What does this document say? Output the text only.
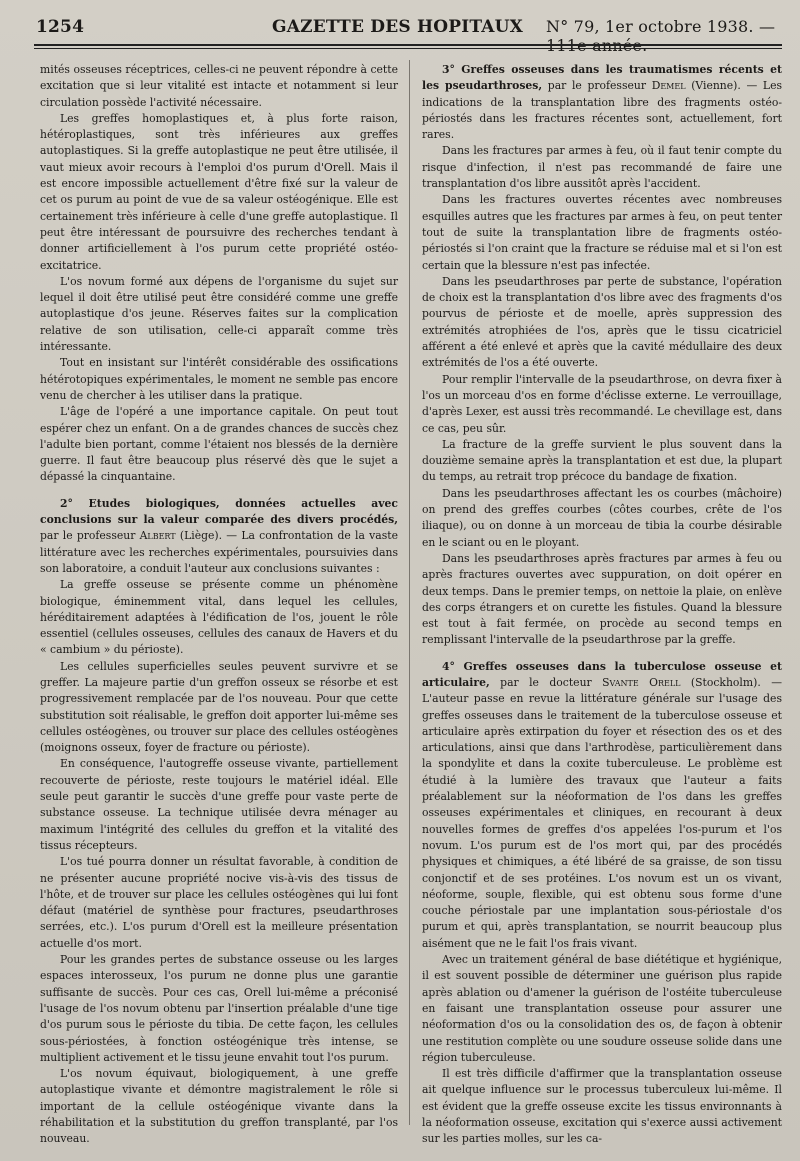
1254	GAZETTE DES HOPITAUX N° 79, 1er octobre 1938. — 111e année.

mités osseuses réceptrices, celles-ci ne peuvent répondre à cette excitation que si leur vitalité est intacte et notamment si leur circulation possède l'activité nécessaire.

Les greffes homoplastiques et, à plus forte raison, hétéroplastiques, sont très inférieures aux greffes autoplastiques. Si la greffe autoplastique ne peut être utilisée, il vaut mieux avoir recours à l'emploi d'os purum d'Orell. Mais il est encore impossible actuellement d'être fixé sur la valeur de cet os purum au point de vue de sa valeur ostéogénique. Elle est certainement très inférieure à celle d'une greffe autoplastique. Il peut être intéressant de poursuivre des recherches tendant à donner artificiellement à l'os purum cette propriété ostéo-excitatrice.

L'os novum formé aux dépens de l'organisme du sujet sur lequel il doit être utilisé peut être considéré comme une greffe autoplastique d'os jeune. Réserves faites sur la complication relative de son utilisation, celle-ci apparaît comme très intéressante.

Tout en insistant sur l'intérêt considérable des ossifications hétérotopiques expérimentales, le moment ne semble pas encore venu de chercher à les utiliser dans la pratique.

L'âge de l'opéré a une importance capitale. On peut tout espérer chez un enfant. On a de grandes chances de succès chez l'adulte bien portant, comme l'étaient nos blessés de la dernière guerre. Il faut être beaucoup plus réservé dès que le sujet a dépassé la cinquantaine.

2° Etudes biologiques, données actuelles avec conclusions sur la valeur comparée des divers procédés, par le professeur Albert (Liège). — La confrontation de la vaste littérature avec les recherches expérimentales, poursuivies dans son laboratoire, a conduit l'auteur aux conclusions suivantes :

La greffe osseuse se présente comme un phénomène biologique, éminemment vital, dans lequel les cellules, héréditairement adaptées à l'édification de l'os, jouent le rôle essentiel (cellules osseuses, cellules des canaux de Havers et du « cambium » du périoste).

Les cellules superficielles seules peuvent survivre et se greffer. La majeure partie d'un greffon osseux se résorbe et est progressivement remplacée par de l'os nouveau. Pour que cette substitution soit réalisable, le greffon doit apporter lui-même ses cellules ostéogènes, ou trouver sur place des cellules ostéogènes (moignons osseux, foyer de fracture ou périoste).

En conséquence, l'autogreffe osseuse vivante, partiellement recouverte de périoste, reste toujours le matériel idéal. Elle seule peut garantir le succès d'une greffe pour vaste perte de substance osseuse. La technique utilisée devra ménager au maximum l'intégrité des cellules du greffon et la vitalité des tissus récepteurs.

L'os tué pourra donner un résultat favorable, à condition de ne présenter aucune propriété nocive vis-à-vis des tissus de l'hôte, et de trouver sur place les cellules ostéogènes qui lui font défaut (matériel de synthèse pour fractures, pseudarthroses serrées, etc.). L'os purum d'Orell est la meilleure présentation actuelle d'os mort.

Pour les grandes pertes de substance osseuse ou les larges espaces interosseux, l'os purum ne donne plus une garantie suffisante de succès. Pour ces cas, Orell lui-même a préconisé l'usage de l'os novum obtenu par l'insertion préalable d'une tige d'os purum sous le périoste du tibia. De cette façon, les cellules sous-périostées, à fonction ostéogénique très intense, se multiplient activement et le tissu jeune envahit tout l'os purum.

L'os novum équivaut, biologiquement, à une greffe autoplastique vivante et démontre magistralement le rôle si important de la cellule ostéogénique vivante dans la réhabilitation et la substitution du greffon transplanté, par l'os nouveau.

3° Greffes osseuses dans les traumatismes récents et les pseudarthroses, par le professeur Demel (Vienne). — Les indications de la transplantation libre des fragments ostéo-périostés dans les fractures récentes sont, actuellement, fort rares.

Dans les fractures par armes à feu, où il faut tenir compte du risque d'infection, il n'est pas recommandé de faire une transplantation d'os libre aussitôt après l'accident.

Dans les fractures ouvertes récentes avec nombreuses esquilles autres que les fractures par armes à feu, on peut tenter tout de suite la transplantation libre de fragments ostéo-périostés si l'on craint que la fracture se réduise mal et si l'on est certain que la blessure n'est pas infectée.

Dans les pseudarthroses par perte de substance, l'opération de choix est la transplantation d'os libre avec des fragments d'os pourvus de périoste et de moelle, après suppression des extrémités atrophiées de l'os, après que le tissu cicatriciel afférent a été enlevé et après que la cavité médullaire des deux extrémités de l'os a été ouverte.

Pour remplir l'intervalle de la pseudarthrose, on devra fixer à l'os un morceau d'os en forme d'éclisse externe. Le verrouillage, d'après Lexer, est aussi très recommandé. Le chevillage est, dans ce cas, peu sûr.

La fracture de la greffe survient le plus souvent dans la douzième semaine après la transplantation et est due, la plupart du temps, au retrait trop précoce du bandage de fixation.

Dans les pseudarthroses affectant les os courbes (mâchoire) on prend des greffes courbes (côtes courbes, crête de l'os iliaque), ou on donne à un morceau de tibia la courbe désirable en le sciant ou en le ployant.

Dans les pseudarthroses après fractures par armes à feu ou après fractures ouvertes avec suppuration, on doit opérer en deux temps. Dans le premier temps, on nettoie la plaie, on enlève des corps étrangers et on curette les fistules. Quand la blessure est tout à fait fermée, on procède au second temps en remplissant l'intervalle de la pseudarthrose par la greffe.

4° Greffes osseuses dans la tuberculose osseuse et articulaire, par le docteur Svante Orell (Stockholm). — L'auteur passe en revue la littérature générale sur l'usage des greffes osseuses dans le traitement de la tuberculose osseuse et articulaire après extirpation du foyer et résection des os et des articulations, ainsi que dans l'arthrodèse, particulièrement dans la spondylite et dans la coxite tuberculeuse. Le problème est étudié à la lumière des travaux que l'auteur a faits préalablement sur la néoformation de l'os dans les greffes osseuses expérimentales et cliniques, en recourant à deux nouvelles formes de greffes d'os appelées l'os-purum et l'os novum. L'os purum est de l'os mort qui, par des procédés physiques et chimiques, a été libéré de sa graisse, de son tissu conjonctif et de ses protéines. L'os novum est un os vivant, néoforme, souple, flexible, qui est obtenu sous forme d'une couche périostale par une implantation sous-périostale d'os purum et qui, après transplantation, se nourrit beaucoup plus aisément que ne le fait l'os frais vivant.

Avec un traitement général de base diététique et hygiénique, il est souvent possible de déterminer une guérison plus rapide après ablation ou d'amener la guérison de l'ostéite tuberculeuse en faisant une transplantation osseuse pour assurer une néoformation d'os ou la consolidation des os, de façon à obtenir une restitution complète ou une soudure osseuse solide dans une région tuberculeuse.

Il est très difficile d'affirmer que la transplantation osseuse ait quelque influence sur le processus tuberculeux lui-même. Il est évident que la greffe osseuse excite les tissus environnants à la néoformation osseuse, excitation qui s'exerce aussi activement sur les parties molles, sur les ca-
